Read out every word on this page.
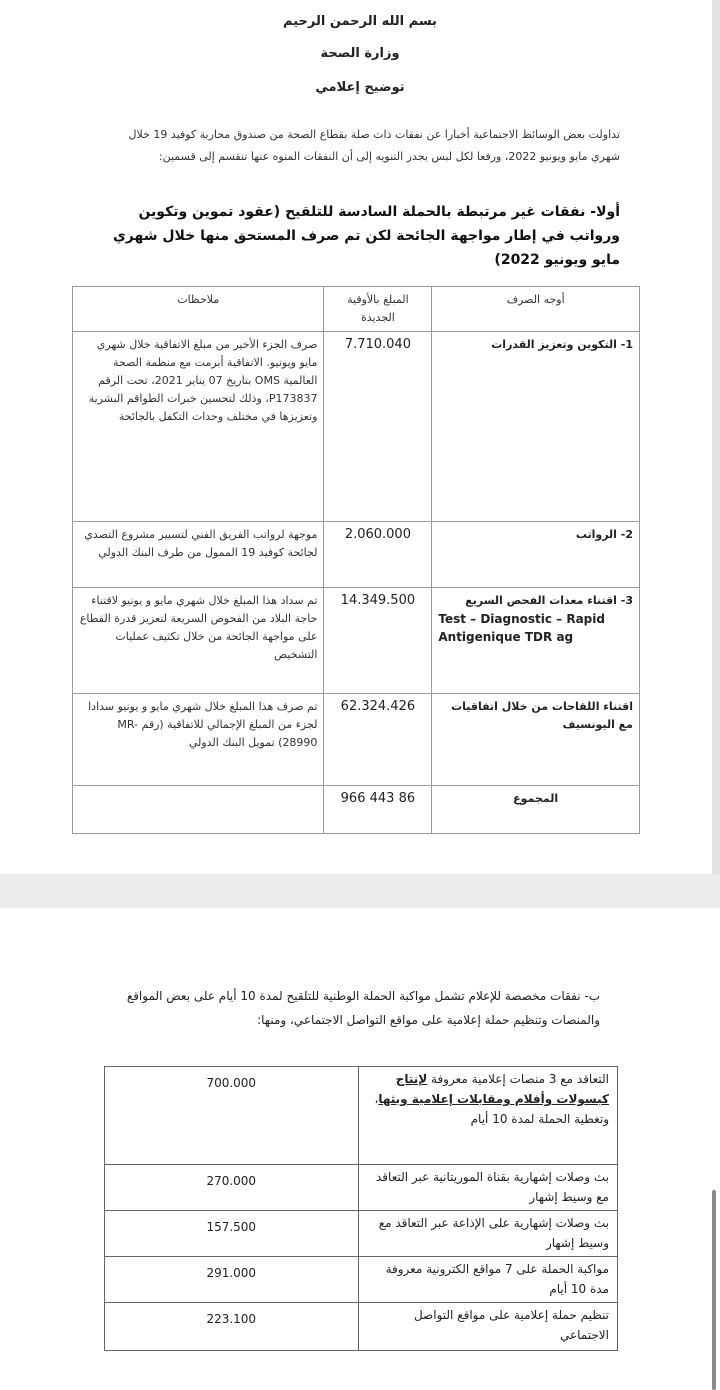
بسم الله الرحمن الرحيم
وزارة الصحة
توضيح إعلامي
تداولت بعض الوسائط الاجتماعية أخبارا عن نفقات ذات صلة بقطاع الصحة من صندوق محاربة كوفيد 19 خلال شهري مايو ويونيو 2022، ورفعا لكل لبس يجدر التنويه إلى أن النفقات المنوه عنها تنقسم إلى قسمين:
أولا- نفقات غير مرتبطة بالحملة السادسة للتلقيح (عقود تموين وتكوين ورواتب في إطار مواجهة الجائحة لكن تم صرف المستحق منها خلال شهري مايو ويونيو 2022)
أوجه الصرف	المبلغ بالأوقية الجديدة	ملاحظات
1- التكوين وتعزيز القدرات	7.710.040	صرف الجزء الأخير من مبلغ الاتفاقية خلال شهري مايو ويونيو. الاتفاقية أبرمت مع منظمة الصحة العالمية OMS بتاريخ 07 يناير 2021، تحت الرقم P173837، وذلك لتحسين خبرات الطواقم البشرية وتعزيزها في مختلف وحدات التكفل بالجائحة
2- الرواتب	2.060.000	موجهة لرواتب الفريق الفني لتسيير مشروع التصدي لجائحة كوفيد 19 الممول من طرف البنك الدولي
3- اقتناء معدات الفحص السريع
Test – Diagnostic – Rapid Antigenique TDR ag	14.349.500	تم سداد هذا المبلغ خلال شهري مايو و يونيو لاقتناء حاجة البلاد من الفحوص السريعة لتعزيز قدرة القطاع على مواجهة الجائحة من خلال تكثيف عمليات التشخيص
اقتناء اللقاحات من خلال اتفاقيات مع اليونسيف	62.324.426	تم صرف هذا المبلغ خلال شهري مايو و يونيو سدادا لجزء من المبلغ الإجمالي للاتفاقية (رقم MR-28990) تمويل البنك الدولي
المجموع	86 443 966	
ب- نفقات مخصصة للإعلام تشمل مواكبة الحملة الوطنية للتلقيح لمدة 10 أيام على بعض المواقع والمنصات وتنظيم حملة إعلامية على مواقع التواصل الاجتماعي، ومنها:
التعاقد مع 3 منصات إعلامية معروفة لإنتاج كبسولات وأفلام ومقابلات إعلامية وبثها، وتغطية الحملة لمدة 10 أيام	700.000
بث وصلات إشهارية بقناة الموريتانية عبر التعاقد مع وسيط إشهار	270.000
بث وصلات إشهارية على الإذاعة عبر التعاقد مع وسيط إشهار	157.500
مواكبة الحملة على 7 مواقع الكترونية معروفة مدة 10 أيام	291.000
تنظيم حملة إعلامية على مواقع التواصل الاجتماعي	223.100
